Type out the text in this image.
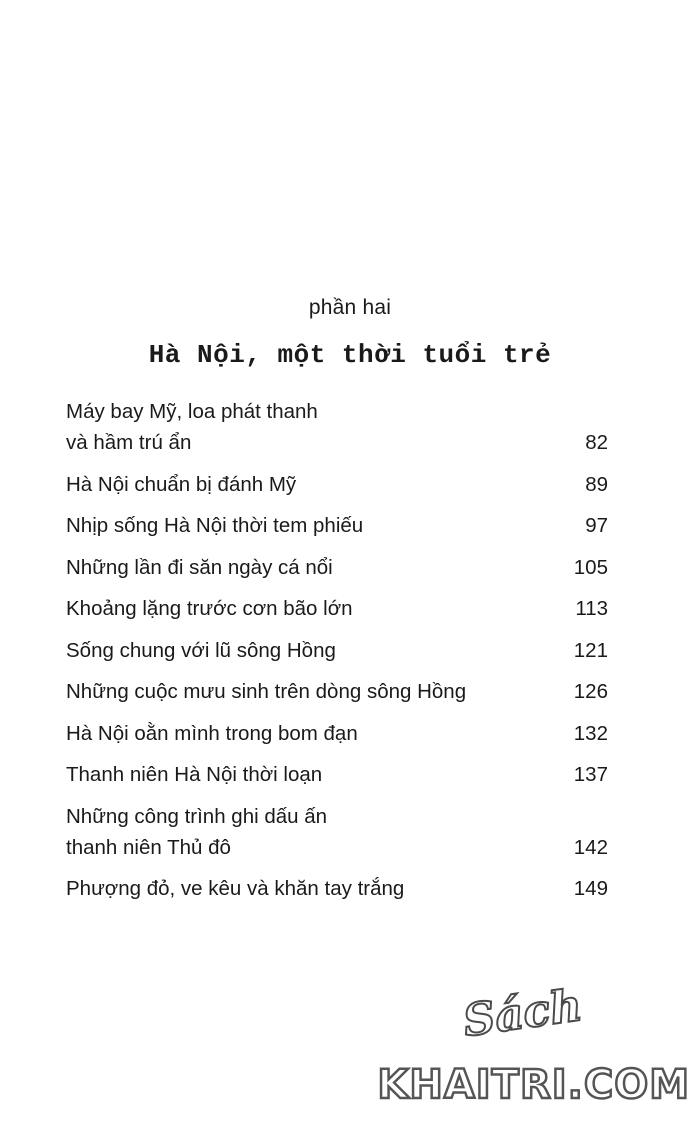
phần hai
Hà Nội, một thời tuổi trẻ
Máy bay Mỹ, loa phát thanh
và hầm trú ẩn	82
Hà Nội chuẩn bị đánh Mỹ	89
Nhịp sống Hà Nội thời tem phiếu	97
Những lần đi săn ngày cá nổi	105
Khoảng lặng trước cơn bão lớn	113
Sống chung với lũ sông Hồng	121
Những cuộc mưu sinh trên dòng sông Hồng	126
Hà Nội oằn mình trong bom đạn	132
Thanh niên Hà Nội thời loạn	137
Những công trình ghi dấu ấn
thanh niên Thủ đô	142
Phượng đỏ, ve kêu và khăn tay trắng	149
Sách
KHAITRI.COM
